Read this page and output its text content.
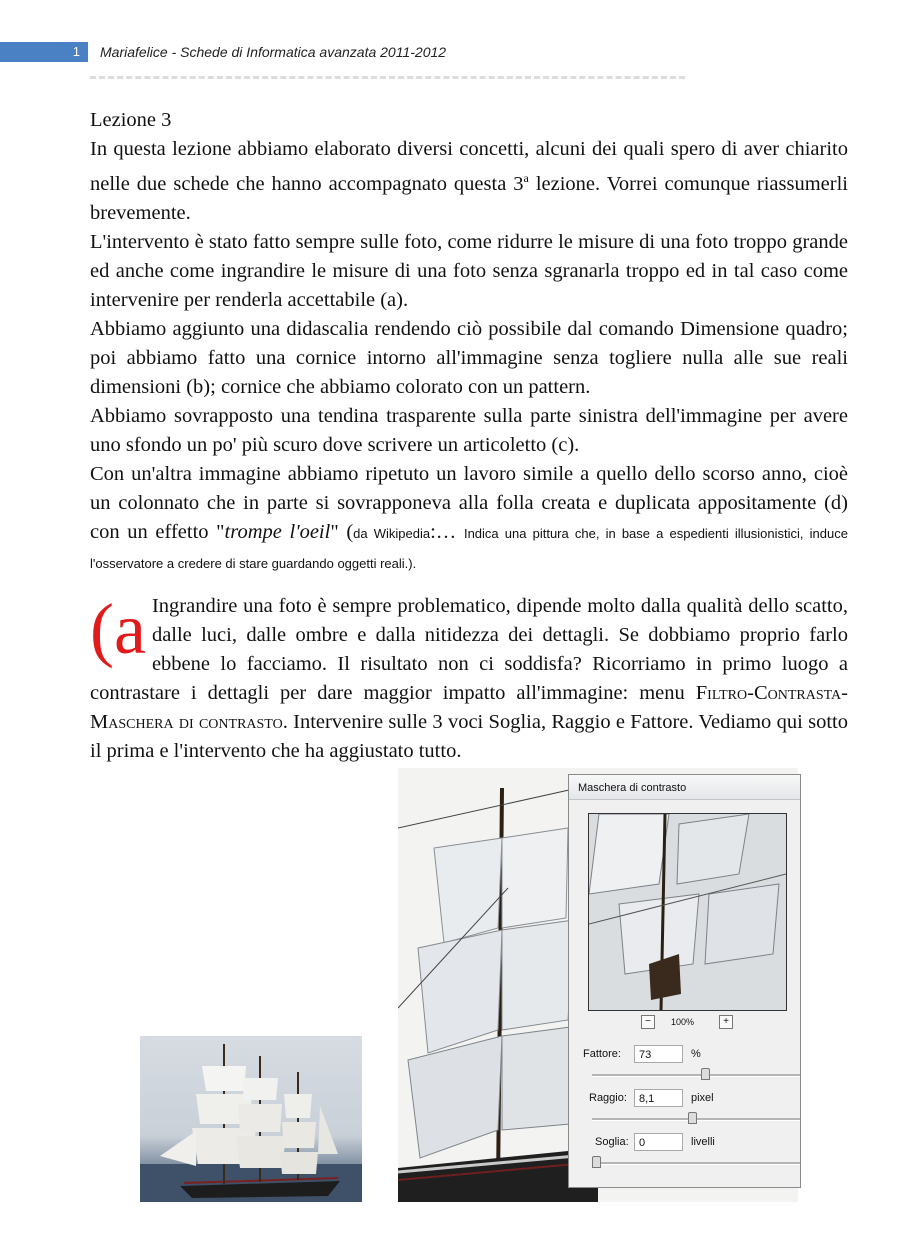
1	Mariafelice - Schede di Informatica avanzata 2011-2012

Lezione 3

In questa lezione abbiamo elaborato diversi concetti, alcuni dei quali spero di aver chiarito nelle due schede che hanno accompagnato questa 3$^a$ lezione. Vorrei comunque riassumerli brevemente.

L'intervento è stato fatto sempre sulle foto, come ridurre le misure di una foto troppo grande ed anche come ingrandire le misure di una foto senza sgranarla troppo ed in tal caso come intervenire per renderla accettabile (a).

Abbiamo aggiunto una didascalia rendendo ciò possibile dal comando Dimensione quadro; poi abbiamo fatto una cornice intorno all'immagine senza togliere nulla alle sue reali dimensioni (b); cornice che abbiamo colorato con un pattern.

Abbiamo sovrapposto una tendina trasparente sulla parte sinistra dell'immagine per avere uno sfondo un po' più scuro dove scrivere un articoletto (c).

Con un'altra immagine abbiamo ripetuto un lavoro simile a quello dello scorso anno, cioè un colonnato che in parte si sovrapponeva alla folla creata e duplicata appositamente (d) con un effetto "trompe l'oeil" (da Wikipedia:… Indica una pittura che, in base a espedienti illusionistici, induce l'osservatore a credere di stare guardando oggetti reali.).

(a Ingrandire una foto è sempre problematico, dipende molto dalla qualità dello scatto, dalle luci, dalle ombre e dalla nitidezza dei dettagli. Se dobbiamo proprio farlo ebbene lo facciamo. Il risultato non ci soddisfa? Ricorriamo in primo luogo a contrastare i dettagli per dare maggior impatto all'immagine: menu Filtro-Contrasta- Maschera di contrasto. Intervenire sulle 3 voci Soglia, Raggio e Fattore. Vediamo qui sotto il prima e l'intervento che ha aggiustato tutto.

Maschera di contrasto
−	100%	+
Fattore:	73	%
Raggio:	8,1	pixel
Soglia: 0	livelli
